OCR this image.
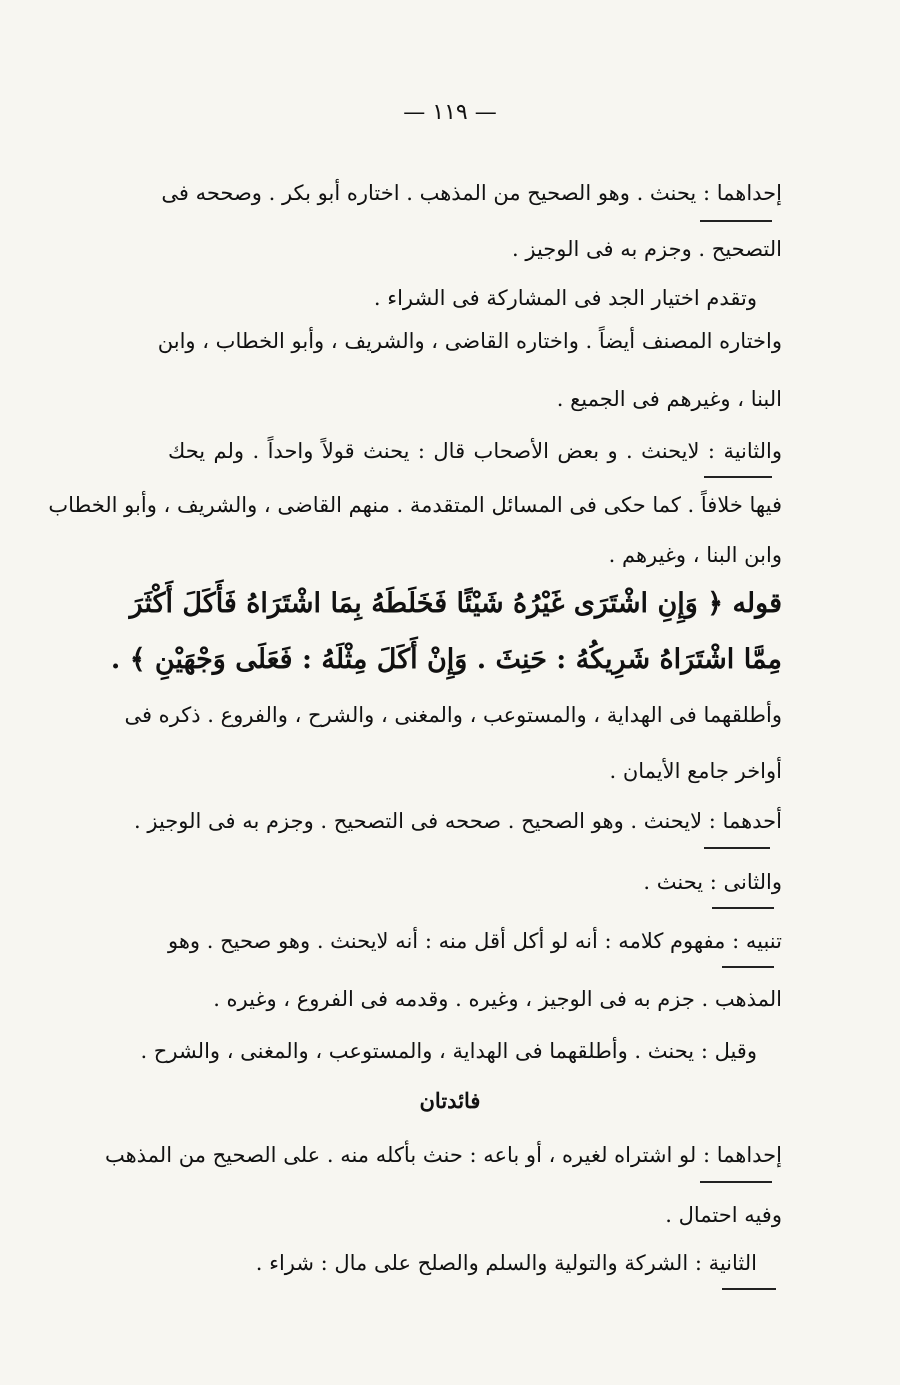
— ١١٩ —
إحداهما : يحنث . وهو الصحيح من المذهب . اختاره أبو بكر . وصححه فى
التصحيح . وجزم به فى الوجيز .
وتقدم اختيار الجد فى المشاركة فى الشراء .
واختاره المصنف أيضاً . واختاره القاضى ، والشريف ، وأبو الخطاب ، وابن
البنا ، وغيرهم فى الجميع .
والثانية : لايحنث . و بعض الأصحاب قال : يحنث قولاً واحداً . ولم يحك
فيها خلافاً . كما حكى فى المسائل المتقدمة . منهم القاضى ، والشريف ، وأبو الخطاب
وابن البنا ، وغيرهم .
قوله ﴿ وَإِنِ اشْتَرَى غَيْرُهُ شَيْئًا فَخَلَطَهُ بِمَا اشْتَرَاهُ فَأَكَلَ أَكْثَرَ
مِمَّا اشْتَرَاهُ شَرِيكُهُ : حَنِثَ . وَإِنْ أَكَلَ مِثْلَهُ : فَعَلَى وَجْهَيْنِ ﴾ .
وأطلقهما فى الهداية ، والمستوعب ، والمغنى ، والشرح ، والفروع . ذكره فى
أواخر جامع الأيمان .
أحدهما : لايحنث . وهو الصحيح . صححه فى التصحيح . وجزم به فى الوجيز .
والثانى : يحنث .
تنبيه : مفهوم كلامه : أنه لو أكل أقل منه : أنه لايحنث . وهو صحيح . وهو
المذهب . جزم به فى الوجيز ، وغيره . وقدمه فى الفروع ، وغيره .
وقيل : يحنث . وأطلقهما فى الهداية ، والمستوعب ، والمغنى ، والشرح .
فائدتان
إحداهما : لو اشتراه لغيره ، أو باعه : حنث بأكله منه . على الصحيح من المذهب
وفيه احتمال .
الثانية : الشركة والتولية والسلم والصلح على مال : شراء .
